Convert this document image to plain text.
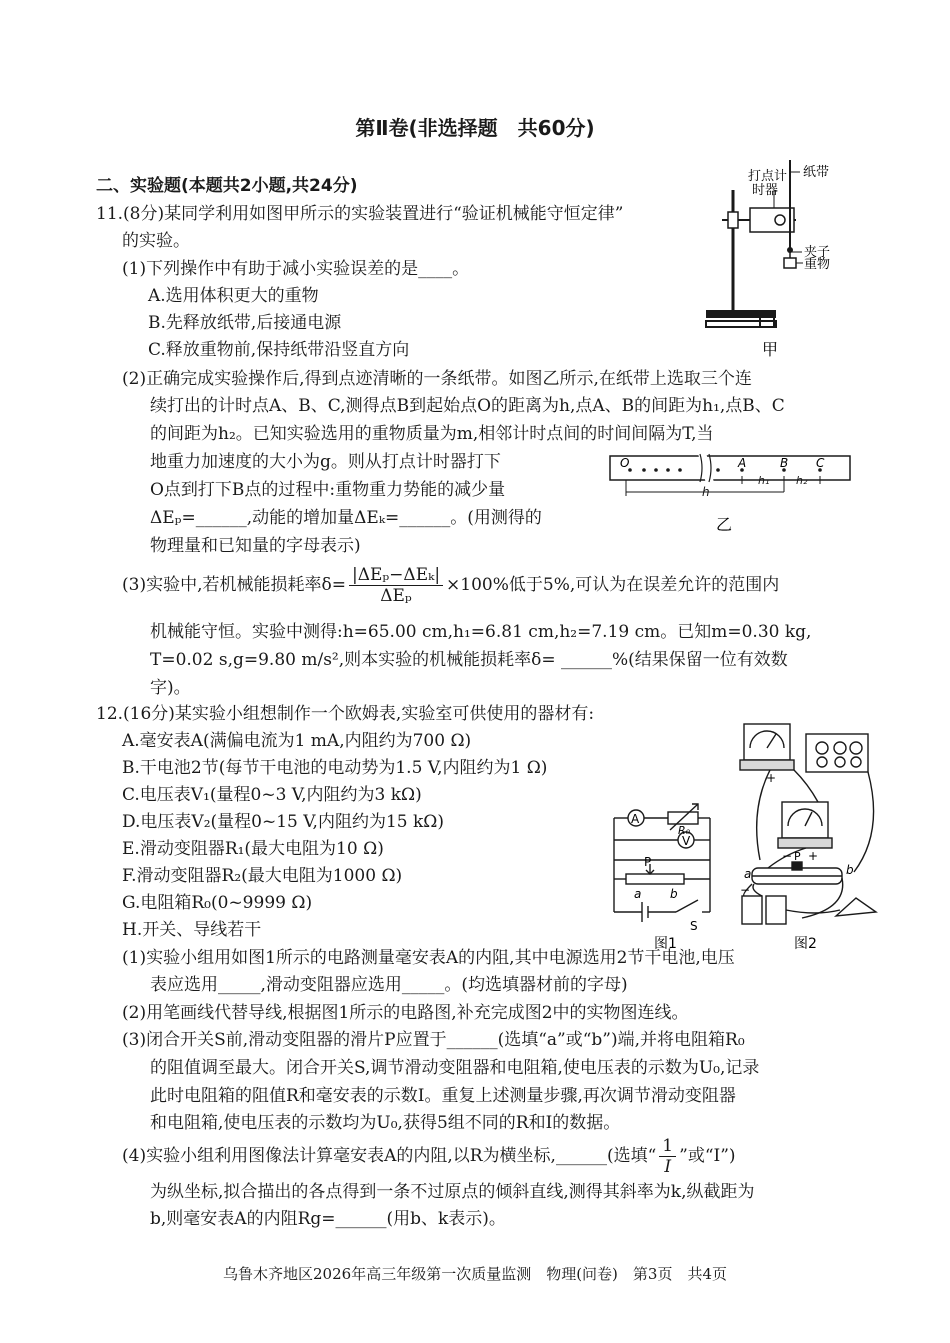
第Ⅱ卷(非选择题　共60分)
二、实验题(本题共2小题,共24分)
11.(8分)某同学利用如图甲所示的实验装置进行“验证机械能守恒定律”
的实验。
(1)下列操作中有助于减小实验误差的是____。
A.选用体积更大的重物
B.先释放纸带,后接通电源
C.释放重物前,保持纸带沿竖直方向
(2)正确完成实验操作后,得到点迹清晰的一条纸带。如图乙所示,在纸带上选取三个连
续打出的计时点A、B、C,测得点B到起始点O的距离为h,点A、B的间距为h₁,点B、C
的间距为h₂。已知实验选用的重物质量为m,相邻计时点间的时间间隔为T,当
地重力加速度的大小为g。则从打点计时器打下
O点到打下B点的过程中:重物重力势能的减少量
ΔEₚ=______,动能的增加量ΔEₖ=______。(用测得的
物理量和已知量的字母表示)
(3)实验中,若机械能损耗率$\delta= \frac{\text{|ΔEₚ−ΔEₖ|}}{\text{ΔEₚ}} \times 100\%$低于5%,可认为在误差允许的范围内
机械能守恒。实验中测得:h=65.00 cm,h₁=6.81 cm,h₂=7.19 cm。已知m=0.30 kg,
T=0.02 s,g=9.80 m/s²,则本实验的机械能损耗率δ= ______%(结果保留一位有效数
字)。
打点计
时器
纸带
夹子
重物
甲
O	A	B C
h₁ h₂
h
乙
12.(16分)某实验小组想制作一个欧姆表,实验室可供使用的器材有:
A.毫安表A(满偏电流为1 mA,内阻约为700 Ω)
B.干电池2节(每节干电池的电动势为1.5 V,内阻约为1 Ω)
C.电压表V₁(量程0~3 V,内阻约为3 kΩ)
D.电压表V₂(量程0~15 V,内阻约为15 kΩ)
E.滑动变阻器R₁(最大电阻为10 Ω)
F.滑动变阻器R₂(最大电阻为1000 Ω)
G.电阻箱R₀(0~9999 Ω)
H.开关、导线若干
(1)实验小组用如图1所示的电路测量毫安表A的内阻,其中电源选用2节干电池,电压
表应选用_____,滑动变阻器应选用_____。(均选填器材前的字母)
(2)用笔画线代替导线,根据图1所示的电路图,补充完成图2中的实物图连线。
(3)闭合开关S前,滑动变阻器的滑片P应置于______(选填“a”或“b”)端,并将电阻箱R₀
的阻值调至最大。闭合开关S,调节滑动变阻器和电阻箱,使电压表的示数为U₀,记录
此时电阻箱的阻值R和毫安表的示数I。重复上述测量步骤,再次调节滑动变阻器
和电阻箱,使电压表的示数均为U₀,获得5组不同的R和I的数据。
(4)实验小组利用图像法计算毫安表A的内阻,以R为横坐标,______(选填“ $\frac{1}{I}$ ”或“I”)
为纵坐标,拟合描出的各点得到一条不过原点的倾斜直线,测得其斜率为k,纵截距为
b,则毫安表A的内阻Rg=______(用b、k表示)。
A
V
R₀
P
a b
S
图1
+
− +
P
a	b
−
图2
乌鲁木齐地区2026年高三年级第一次质量监测　物理(问卷)　第3页　共4页
